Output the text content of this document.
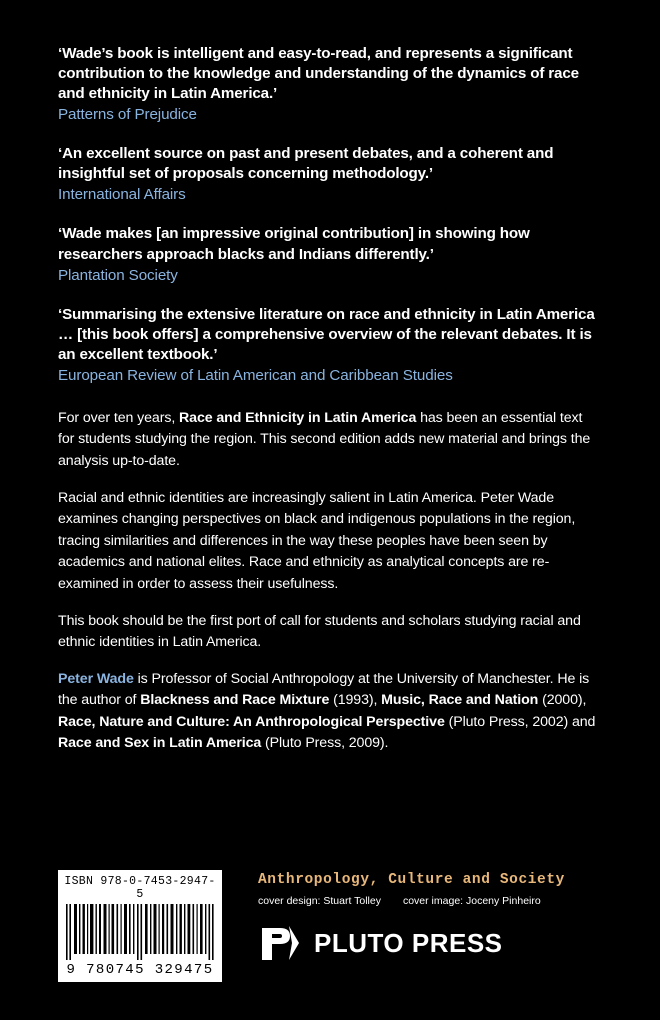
‘Wade’s book is intelligent and easy-to-read, and represents a significant contribution to the knowledge and understanding of the dynamics of race and ethnicity in Latin America.’
Patterns of Prejudice
‘An excellent source on past and present debates, and a coherent and insightful set of proposals concerning methodology.’
International Affairs
‘Wade makes [an impressive original contribution] in showing how researchers approach blacks and Indians differently.’
Plantation Society
‘Summarising the extensive literature on race and ethnicity in Latin America … [this book offers] a comprehensive overview of the relevant debates. It is an excellent textbook.’
European Review of Latin American and Caribbean Studies
For over ten years, Race and Ethnicity in Latin America has been an essential text for students studying the region. This second edition adds new material and brings the analysis up-to-date.
Racial and ethnic identities are increasingly salient in Latin America. Peter Wade examines changing perspectives on black and indigenous populations in the region, tracing similarities and differences in the way these peoples have been seen by academics and national elites. Race and ethnicity as analytical concepts are re-examined in order to assess their usefulness.
This book should be the first port of call for students and scholars studying racial and ethnic identities in Latin America.
Peter Wade is Professor of Social Anthropology at the University of Manchester. He is the author of Blackness and Race Mixture (1993), Music, Race and Nation (2000), Race, Nature and Culture: An Anthropological Perspective (Pluto Press, 2002) and Race and Sex in Latin America (Pluto Press, 2009).
ISBN 978-0-7453-2947-5
9 780745 329475
Anthropology, Culture and Society
cover design: Stuart Tolley cover image: Joceny Pinheiro
PLUTO PRESS
